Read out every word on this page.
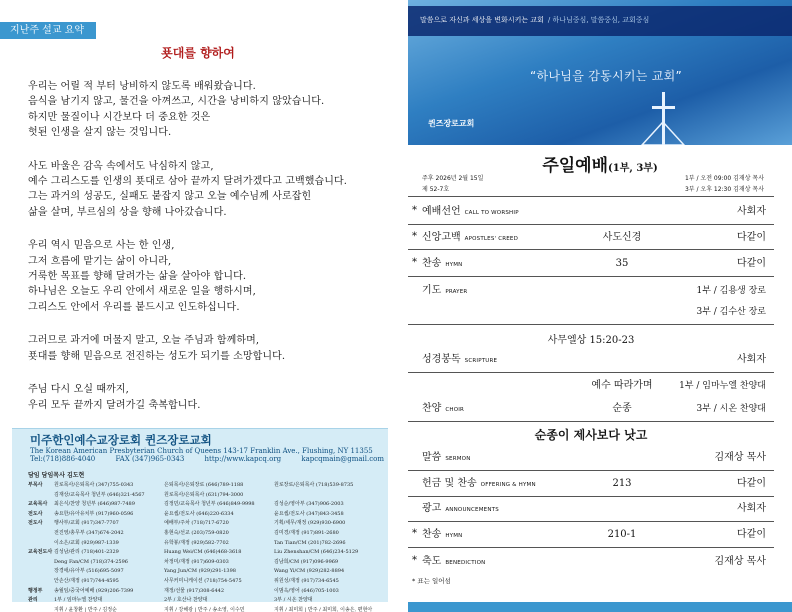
지난주 설교 요약
푯대를 향하여
우리는 어릴 적 부터 낭비하지 않도록 배워왔습니다.
음식을 남기지 않고, 물건을 아껴쓰고, 시간을 낭비하지 않았습니다.
하지만 물질이나 시간보다 더 중요한 것은
헛된 인생을 살지 않는 것입니다.
사도 바울은 감옥 속에서도 낙심하지 않고,
예수 그리스도를 인생의 푯대로 삼아 끝까지 달려가겠다고 고백했습니다.
그는 과거의 성공도, 실패도 붙잡지 않고 오늘 예수님께 사로잡힌
삶을 살며, 부르심의 상을 향해 나아갔습니다.
우리 역시 믿음으로 사는 한 인생,
그저 흐름에 맡기는 삶이 아니라,
거룩한 목표를 향해 달려가는 삶을 살아야 합니다.
하나님은 오늘도 우리 안에서 새로운 일을 행하시며,
그리스도 안에서 우리를 붙드시고 인도하십니다.
그러므로 과거에 머물지 말고, 오늘 주님과 함께하며,
푯대를 향해 믿음으로 전진하는 성도가 되기를 소망합니다.
주님 다시 오실 때까지,
우리 모두 끝까지 달려가길 축복합니다.
미주한인예수교장로회 퀸즈장로교회
The Korean American Presbyterian Church of Queens 143-17 Franklin Ave., Flushing, NY 11355
Tel:(718)886-4040	FAX (347)965-0343	http://www.kapcq.org	kapcqmain@gmail.com
담임 담임목사 김도현
부목사	원로목사/은퇴목사 (347)755-0343	은퇴목사/은퇴장로 (646)789-1188	원로장로/은퇴목사 (718)539-8735
김재상/교육목사 청년부 (646)321-4567	원로목사/은퇴목사 (631)794-3000
교육목사	최은식/찬양 청년부 (646)987-7489	김정민/교육목사 청년부 (646)849-9998	김성순/영아부 (347)906-2003
전도사	송요한/유아유치부 (917)960-0596	윤요셉/전도사 (646)220-6334	윤요셉/전도사 (347)843-3458
전도사	행사부/교회 (917)347-7707	예배부/주차 (718)717-6720	기획/세무/재정 (929)930-6900
전진영/총무부 (347)674-2042	홍현숙/선교 (203)759-0820	김미경/재정 (917)891-2680
이소은/교회 (929)987-1339	유학봉/재정 (929)582-7702	Tan Tian/CM (201)782-2696
교육전도사 김성남/관리 (718)401-2329	Huang Wei/CM (646)468-3618	Liu Zhenshan/CM (646)234-5129
Deng Fan/CM (718)374-2596	차정미/재정 (917)609-0303	김남희/CM (917)096-9969
장경애/유아부 (516)695-5097	Yang Jun/CM (929)291-1398	Wang Yi/CM (929)282-8894
안손산/재정 (917)744-4595	사무커미니케이션 (718)754-5475	위원성/재정 (917)734-6545
행정부	송월임/중국어예배 (929)206-7399	재정/선물 (917)308-6442	이범옥/영어 (646)705-1003
관리	1부 / 임마누엘 찬양대	2부 / 호산나 찬양대	3부 / 시온 찬양대
지휘 / 윤창환 | 반주 / 김정순	지휘 / 강해광 | 반주 / 송소영, 이수민	지휘 / 최미희 | 반주 / 최미희, 이송은, 편현아
말씀으로 자신과 세상을 변화시키는 교회 / 하나님중심, 말씀중심, 교회중심
“하나님을 감동시키는 교회”
퀸즈장로교회
주일예배(1부, 3부)
주후 2026년 2월 15일
제 52-7호
1부 / 오전 09:00 김재상 목사
3부 / 오후 12:30 김재상 목사
* 예배선언 CALL TO WORSHIP	사회자
* 신앙고백 APOSTLES' CREED	사도신경	다같이
* 찬송 HYMN	35	다같이
기도 PRAYER	1부 / 김용생 장로
3부 / 김수산 장로
사무엘상 15:20-23
성경봉독 SCRIPTURE	사회자
예수 따라가며	1부 / 임마누엘 찬양대
찬양 CHOIR	순종	3부 / 시온 찬양대
순종이 제사보다 낫고
말씀 SERMON	김재상 목사
헌금 및 찬송 OFFERING & HYMN	213	다같이
광고 ANNOUNCEMENTS	사회자
* 찬송 HYMN	210-1	다같이
* 축도 BENEDICTION	김재상 목사
* 표는 일어섬
